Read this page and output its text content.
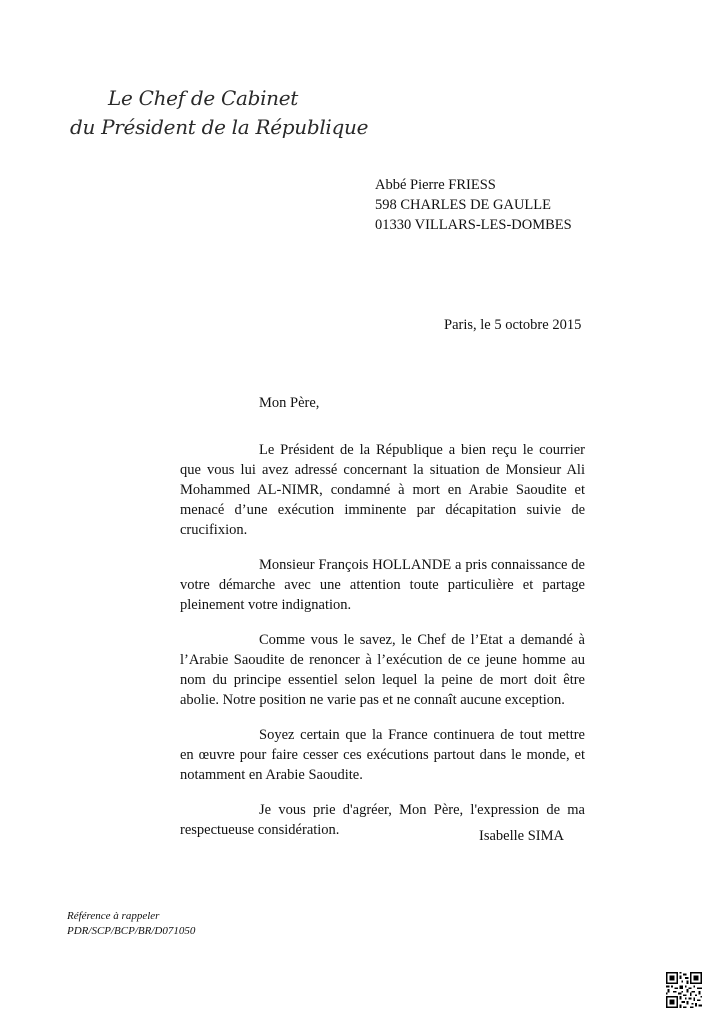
Le Chef de Cabinet
du Président de la République
Abbé Pierre FRIESS
598 CHARLES DE GAULLE
01330 VILLARS-LES-DOMBES
Paris, le 5 octobre 2015
Mon Père,

Le Président de la République a bien reçu le courrier que vous lui avez adressé concernant la situation de Monsieur Ali Mohammed AL-NIMR, condamné à mort en Arabie Saoudite et menacé d’une exécution imminente par décapitation suivie de crucifixion.

Monsieur François HOLLANDE a pris connaissance de votre démarche avec une attention toute particulière et partage pleinement votre indignation.

Comme vous le savez, le Chef de l’Etat a demandé à l’Arabie Saoudite de renoncer à l’exécution de ce jeune homme au nom du principe essentiel selon lequel la peine de mort doit être abolie. Notre position ne varie pas et ne connaît aucune exception.

Soyez certain que la France continuera de tout mettre en œuvre pour faire cesser ces exécutions partout dans le monde, et notamment en Arabie Saoudite.

Je vous prie d'agréer, Mon Père, l'expression de ma respectueuse considération.	Isabelle SIMA
Référence à rappeler
PDR/SCP/BCP/BR/D071050
